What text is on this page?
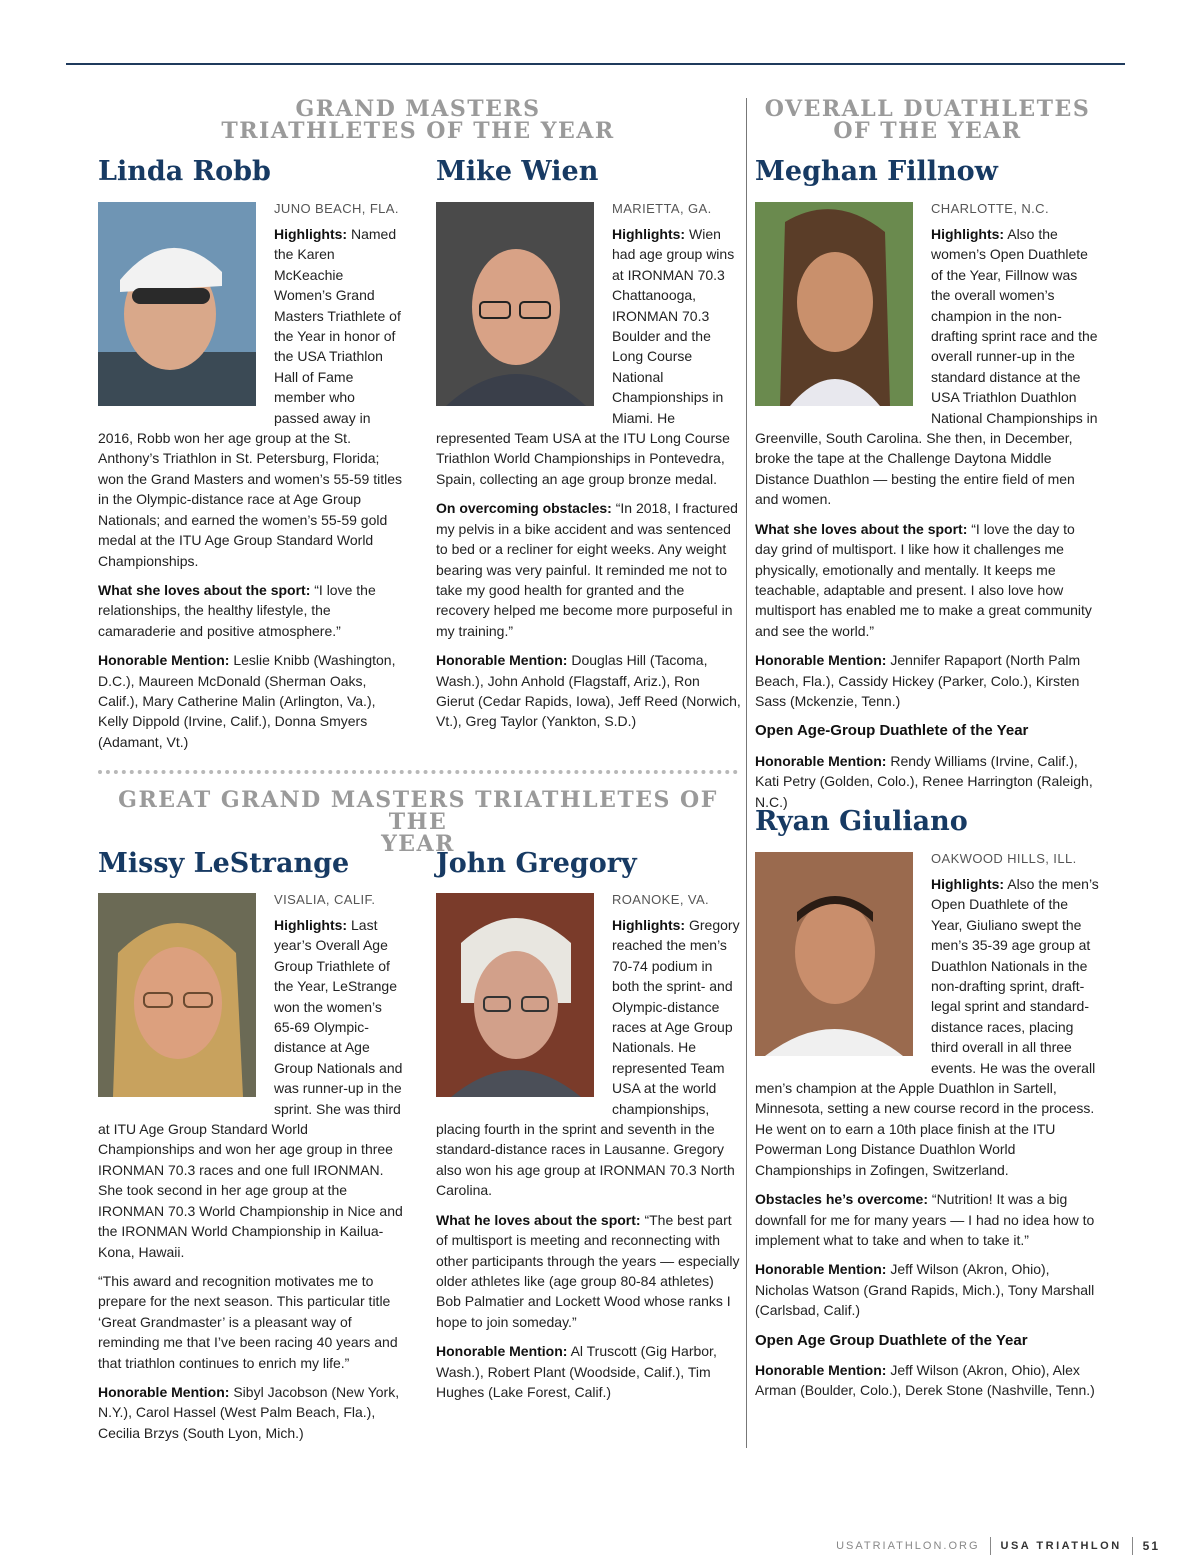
GRAND MASTERS
TRIATHLETES OF THE YEAR
OVERALL DUATHLETES
OF THE YEAR
GREAT GRAND MASTERS TRIATHLETES OF THE
YEAR
Linda Robb
JUNO BEACH, FLA.

Highlights: Named the Karen McKeachie Women’s Grand Masters Triathlete of the Year in honor of the USA Triathlon Hall of Fame member who passed away in 2016, Robb won her age group at the St. Anthony’s Triathlon in St. Petersburg, Florida; won the Grand Masters and women’s 55-59 titles in the Olympic-distance race at Age Group Nationals; and earned the women’s 55-59 gold medal at the ITU Age Group Standard World Championships.

What she loves about the sport: “I love the relationships, the healthy lifestyle, the camaraderie and positive atmosphere.”

Honorable Mention: Leslie Knibb (Washington, D.C.), Maureen McDonald (Sherman Oaks, Calif.), Mary Catherine Malin (Arlington, Va.), Kelly Dippold (Irvine, Calif.), Donna Smyers (Adamant, Vt.)

Mike Wien
MARIETTA, GA.

Highlights: Wien had age group wins at IRONMAN 70.3 Chattanooga, IRONMAN 70.3 Boulder and the Long Course National Championships in Miami. He represented Team USA at the ITU Long Course Triathlon World Championships in Pontevedra, Spain, collecting an age group bronze medal.

On overcoming obstacles: “In 2018, I fractured my pelvis in a bike accident and was sentenced to bed or a recliner for eight weeks. Any weight bearing was very painful. It reminded me not to take my good health for granted and the recovery helped me become more purposeful in my training.”

Honorable Mention: Douglas Hill (Tacoma, Wash.), John Anhold (Flagstaff, Ariz.), Ron Gierut (Cedar Rapids, Iowa), Jeff Reed (Norwich, Vt.), Greg Taylor (Yankton, S.D.)

Meghan Fillnow
CHARLOTTE, N.C.

Highlights: Also the women’s Open Duathlete of the Year, Fillnow was the overall women’s champion in the non-drafting sprint race and the overall runner-up in the standard distance at the USA Triathlon Duathlon National Championships in Greenville, South Carolina. She then, in December, broke the tape at the Challenge Daytona Middle Distance Duathlon — besting the entire field of men and women.

What she loves about the sport: “I love the day to day grind of multisport. I like how it challenges me physically, emotionally and mentally. It keeps me teachable, adaptable and present. I also love how multisport has enabled me to make a great community and see the world.”

Honorable Mention: Jennifer Rapaport (North Palm Beach, Fla.), Cassidy Hickey (Parker, Colo.), Kirsten Sass (Mckenzie, Tenn.)

Open Age-Group Duathlete of the Year

Honorable Mention: Rendy Williams (Irvine, Calif.), Kati Petry (Golden, Colo.), Renee Harrington (Raleigh, N.C.)

Missy LeStrange
VISALIA, CALIF.

Highlights: Last year’s Overall Age Group Triathlete of the Year, LeStrange won the women’s 65-69 Olympic-distance at Age Group Nationals and was runner-up in the sprint. She was third at ITU Age Group Standard World Championships and won her age group in three IRONMAN 70.3 races and one full IRONMAN. She took second in her age group at the IRONMAN 70.3 World Championship in Nice and the IRONMAN World Championship in Kailua-Kona, Hawaii.

“This award and recognition motivates me to prepare for the next season. This particular title ‘Great Grandmaster’ is a pleasant way of reminding me that I’ve been racing 40 years and that triathlon continues to enrich my life.”

Honorable Mention: Sibyl Jacobson (New York, N.Y.), Carol Hassel (West Palm Beach, Fla.), Cecilia Brzys (South Lyon, Mich.)

John Gregory
ROANOKE, VA.

Highlights: Gregory reached the men’s 70-74 podium in both the sprint- and Olympic-distance races at Age Group Nationals. He represented Team USA at the world championships, placing fourth in the sprint and seventh in the standard-distance races in Lausanne. Gregory also won his age group at IRONMAN 70.3 North Carolina.

What he loves about the sport: “The best part of multisport is meeting and reconnecting with other participants through the years — especially older athletes like (age group 80-84 athletes) Bob Palmatier and Lockett Wood whose ranks I hope to join someday.”

Honorable Mention: Al Truscott (Gig Harbor, Wash.), Robert Plant (Woodside, Calif.), Tim Hughes (Lake Forest, Calif.)

Ryan Giuliano
OAKWOOD HILLS, ILL.

Highlights: Also the men’s Open Duathlete of the Year, Giuliano swept the men’s 35-39 age group at Duathlon Nationals in the non-drafting sprint, draft-legal sprint and standard-distance races, placing third overall in all three events. He was the overall men’s champion at the Apple Duathlon in Sartell, Minnesota, setting a new course record in the process. He went on to earn a 10th place finish at the ITU Powerman Long Distance Duathlon World Championships in Zofingen, Switzerland.

Obstacles he’s overcome: “Nutrition! It was a big downfall for me for many years — I had no idea how to implement what to take and when to take it.”

Honorable Mention: Jeff Wilson (Akron, Ohio), Nicholas Watson (Grand Rapids, Mich.), Tony Marshall (Carlsbad, Calif.)

Open Age Group Duathlete of the Year

Honorable Mention: Jeff Wilson (Akron, Ohio), Alex Arman (Boulder, Colo.), Derek Stone (Nashville, Tenn.)

USATRIATHLON.ORG USA TRIATHLON 51
